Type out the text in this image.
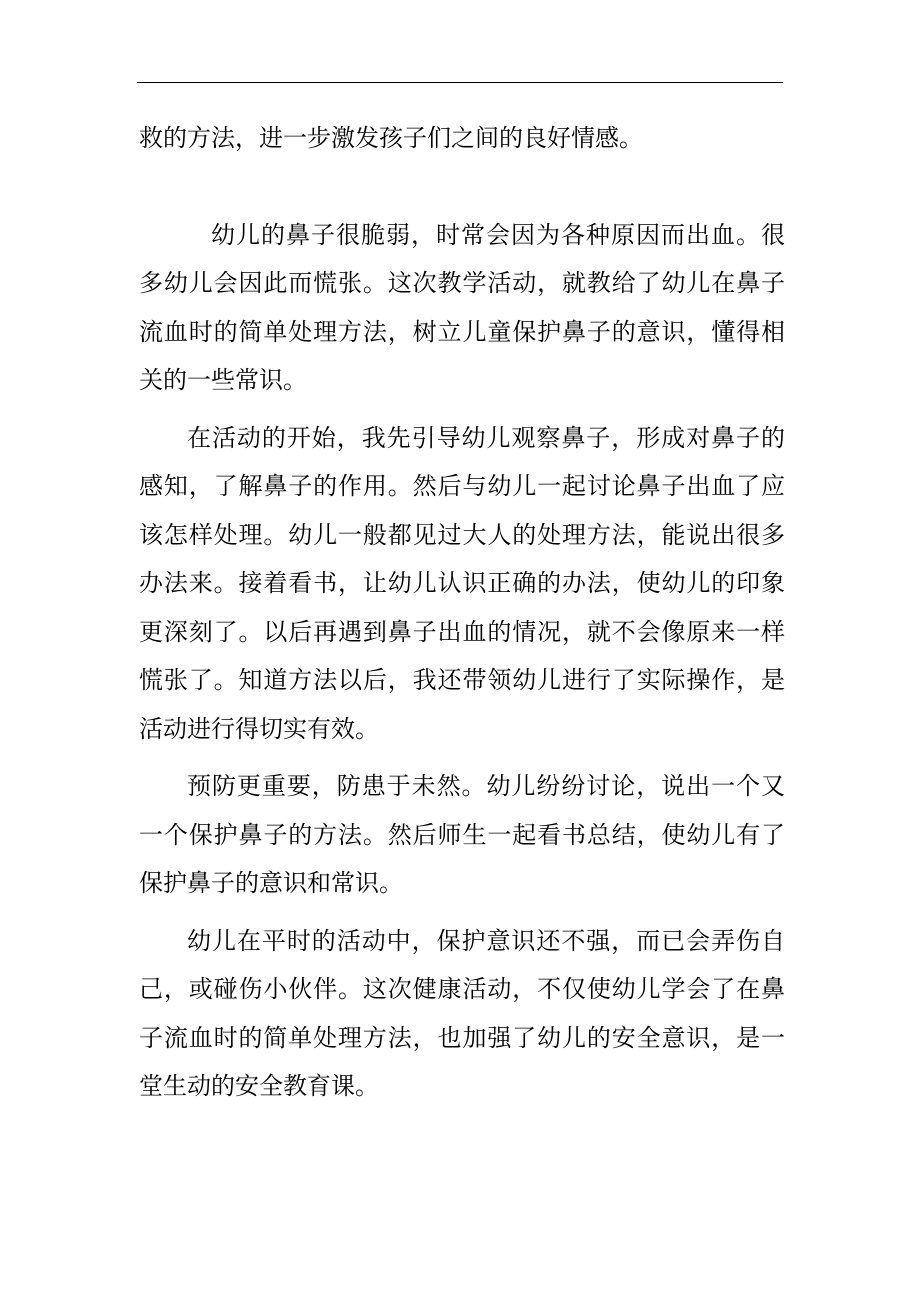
救的方法，进一步激发孩子们之间的良好情感。

幼儿的鼻子很脆弱，时常会因为各种原因而出血。很多幼儿会因此而慌张。这次教学活动，就教给了幼儿在鼻子流血时的简单处理方法，树立儿童保护鼻子的意识，懂得相关的一些常识。

在活动的开始，我先引导幼儿观察鼻子，形成对鼻子的感知，了解鼻子的作用。然后与幼儿一起讨论鼻子出血了应该怎样处理。幼儿一般都见过大人的处理方法，能说出很多办法来。接着看书，让幼儿认识正确的办法，使幼儿的印象更深刻了。以后再遇到鼻子出血的情况，就不会像原来一样慌张了。知道方法以后，我还带领幼儿进行了实际操作，是活动进行得切实有效。

预防更重要，防患于未然。幼儿纷纷讨论，说出一个又一个保护鼻子的方法。然后师生一起看书总结，使幼儿有了保护鼻子的意识和常识。

幼儿在平时的活动中，保护意识还不强，而已会弄伤自己，或碰伤小伙伴。这次健康活动，不仅使幼儿学会了在鼻子流血时的简单处理方法，也加强了幼儿的安全意识，是一堂生动的安全教育课。
